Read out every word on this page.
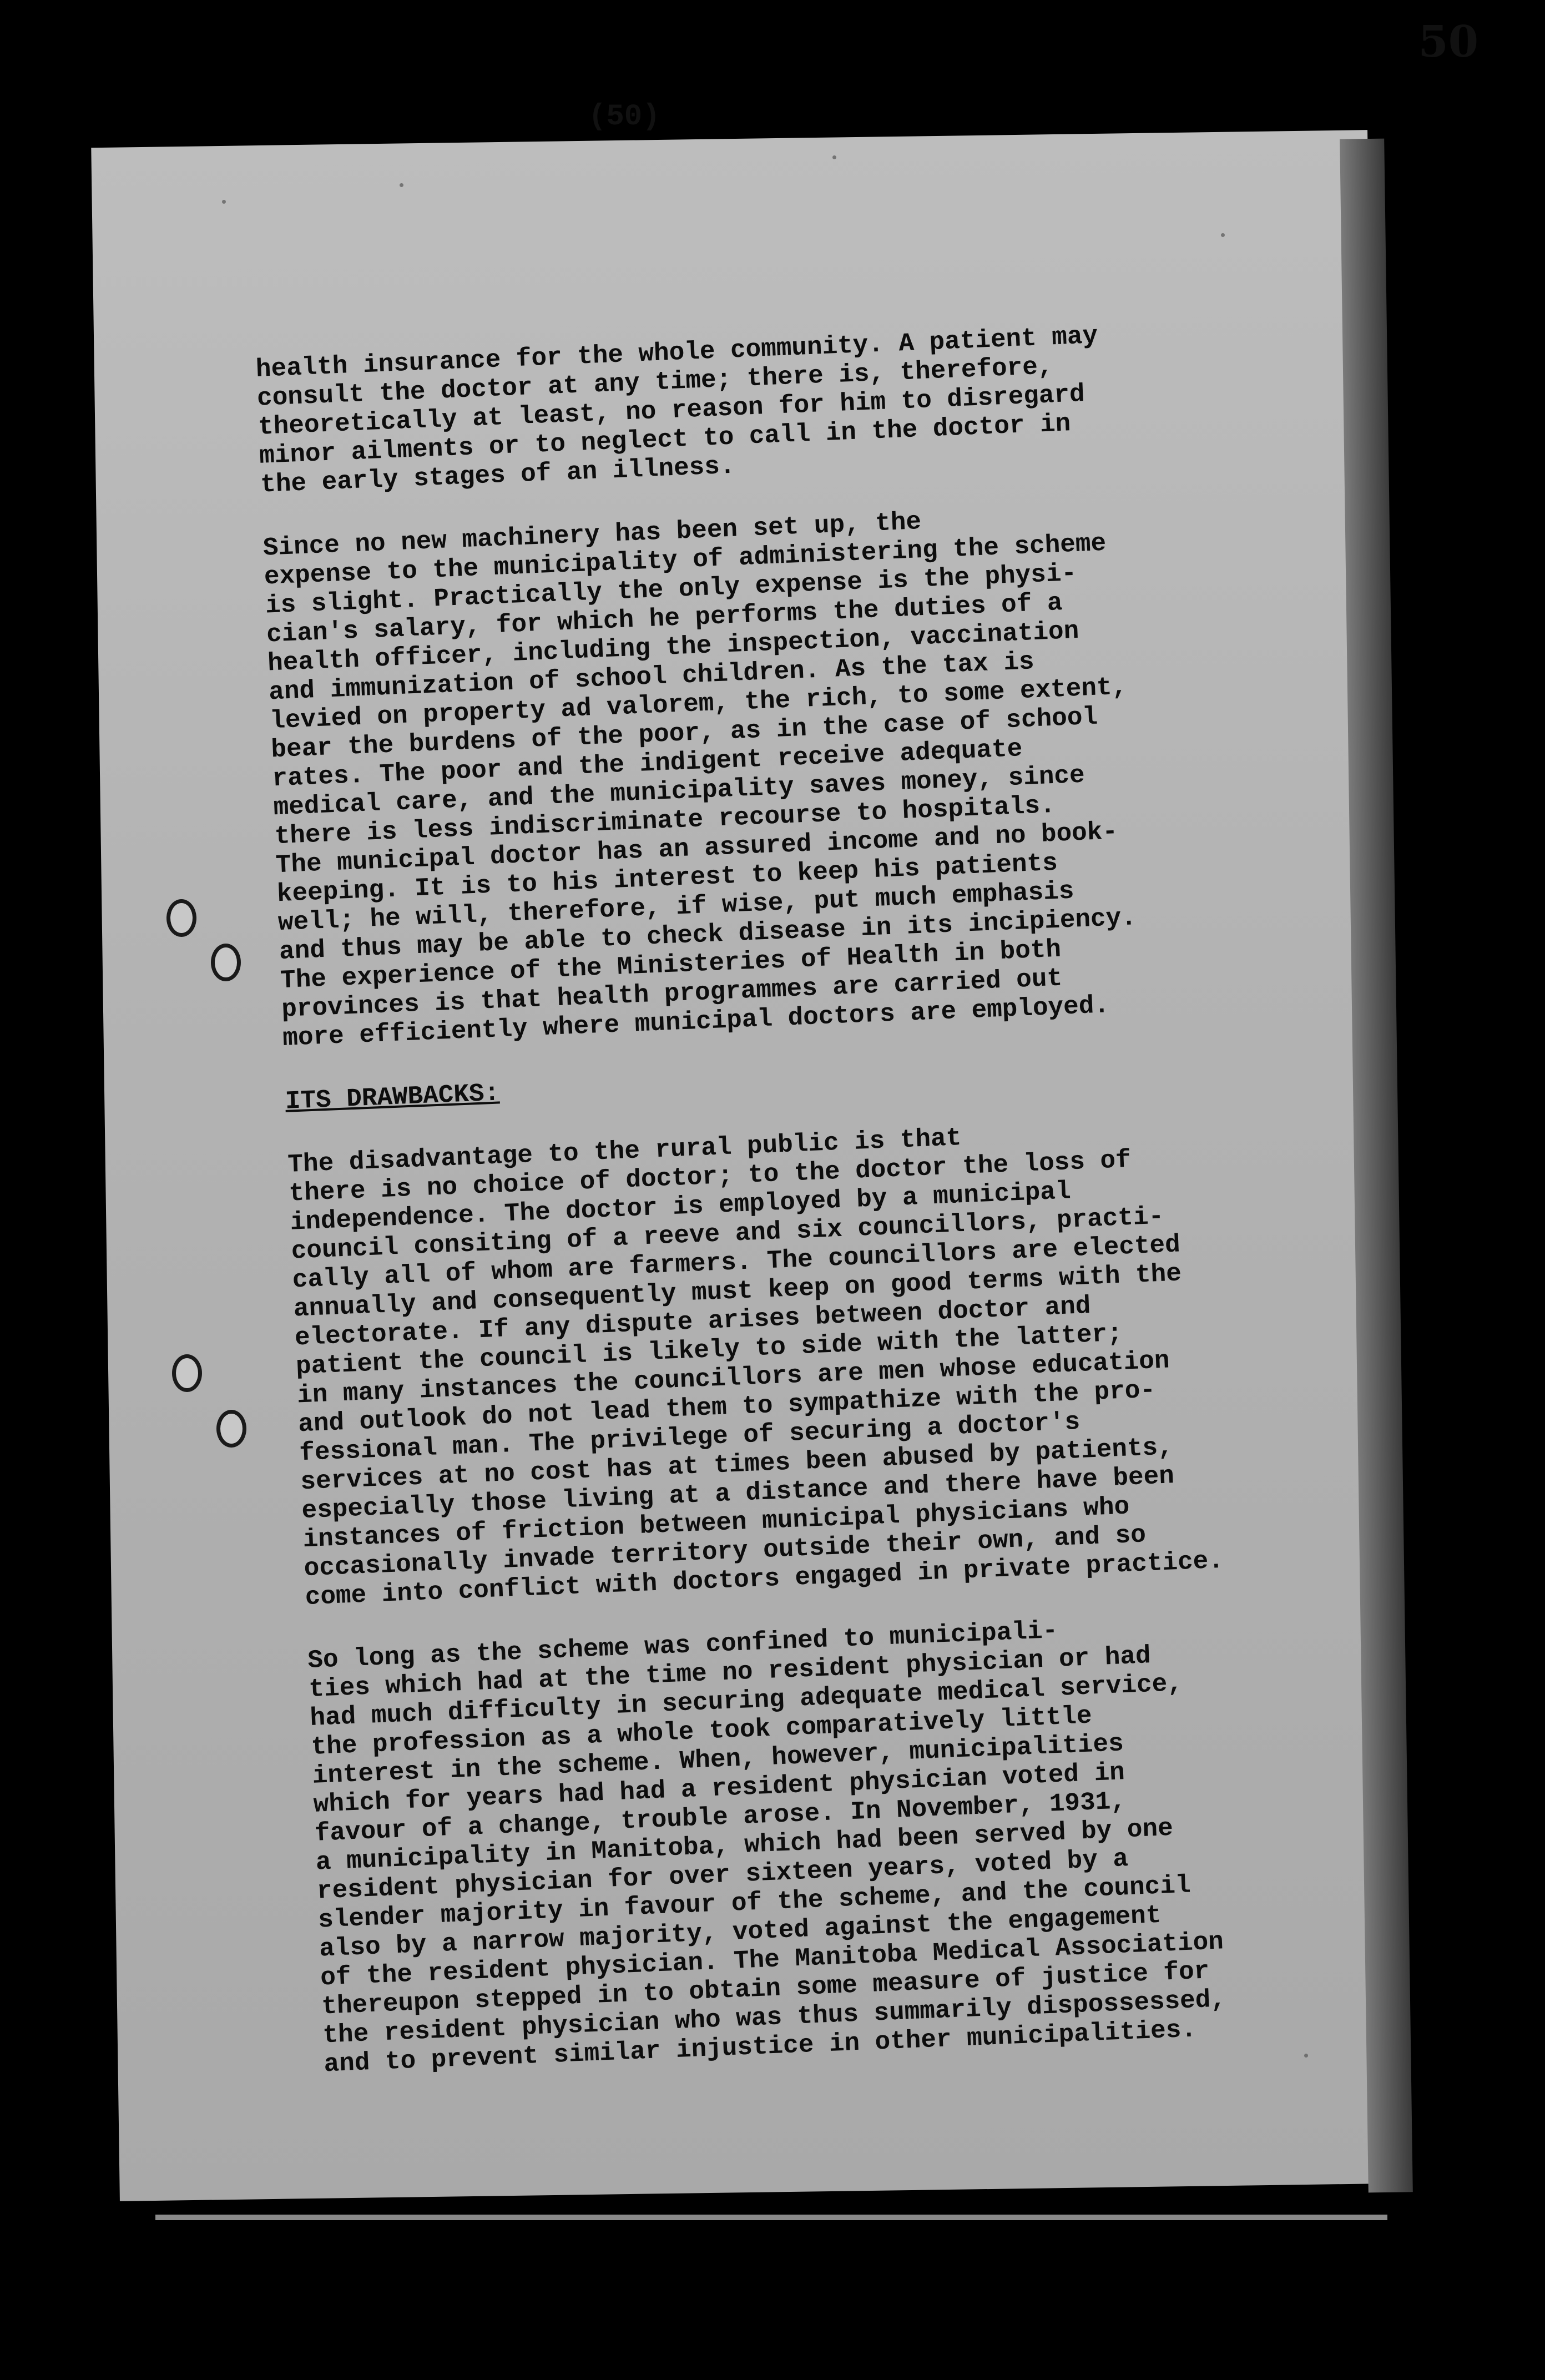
50
(50)

health insurance for the whole community. A patient may
consult the doctor at any time; there is, therefore,
theoretically at least, no reason for him to disregard
minor ailments or to neglect to call in the doctor in
the early stages of an illness.

Since no new machinery has been set up, the
expense to the municipality of administering the scheme
is slight. Practically the only expense is the physi-
cian's salary, for which he performs the duties of a
health officer, including the inspection, vaccination
and immunization of school children. As the tax is
levied on property ad valorem, the rich, to some extent,
bear the burdens of the poor, as in the case of school
rates. The poor and the indigent receive adequate
medical care, and the municipality saves money, since
there is less indiscriminate recourse to hospitals.
The municipal doctor has an assured income and no book-
keeping. It is to his interest to keep his patients
well; he will, therefore, if wise, put much emphasis
and thus may be able to check disease in its incipiency.
The experience of the Ministeries of Health in both
provinces is that health programmes are carried out
more efficiently where municipal doctors are employed.

ITS DRAWBACKS:

The disadvantage to the rural public is that
there is no choice of doctor; to the doctor the loss of
independence. The doctor is employed by a municipal
council consiting of a reeve and six councillors, practi-
cally all of whom are farmers. The councillors are elected
annually and consequently must keep on good terms with the
electorate. If any dispute arises between doctor and
patient the council is likely to side with the latter;
in many instances the councillors are men whose education
and outlook do not lead them to sympathize with the pro-
fessional man. The privilege of securing a doctor's
services at no cost has at times been abused by patients,
especially those living at a distance and there have been
instances of friction between municipal physicians who
occasionally invade territory outside their own, and so
come into conflict with doctors engaged in private practice.

So long as the scheme was confined to municipali-
ties which had at the time no resident physician or had
had much difficulty in securing adequate medical service,
the profession as a whole took comparatively little
interest in the scheme. When, however, municipalities
which for years had had a resident physician voted in
favour of a change, trouble arose. In November, 1931,
a municipality in Manitoba, which had been served by one
resident physician for over sixteen years, voted by a
slender majority in favour of the scheme, and the council
also by a narrow majority, voted against the engagement
of the resident physician. The Manitoba Medical Association
thereupon stepped in to obtain some measure of justice for
the resident physician who was thus summarily dispossessed,
and to prevent similar injustice in other municipalities.
